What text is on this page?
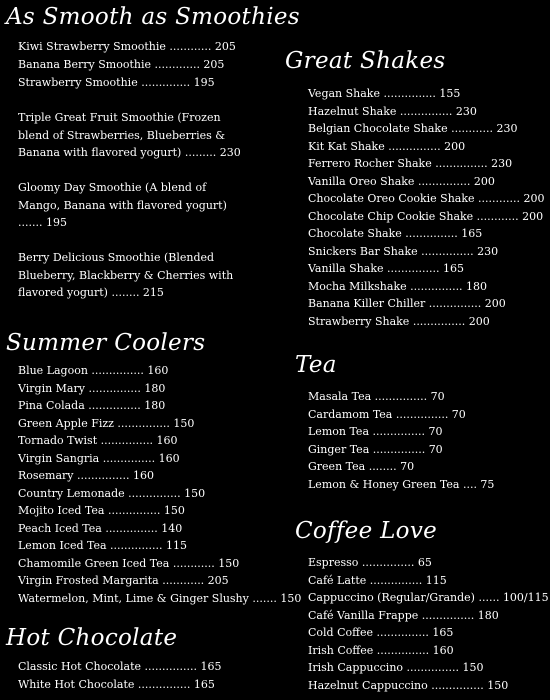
As Smooth as Smoothies
Kiwi Strawberry Smoothie ............ 205
Banana Berry Smoothie ............. 205
Strawberry Smoothie .............. 195
Triple Great Fruit Smoothie (Frozen blend of Strawberries, Blueberries & Banana with flavored yogurt) ......... 230
Gloomy Day Smoothie (A blend of Mango, Banana with flavored yogurt) ....... 195
Berry Delicious Smoothie (Blended Blueberry, Blackberry & Cherries with flavored yogurt) ........ 215
Summer Coolers
Blue Lagoon ............... 160
Virgin Mary ............... 180
Pina Colada ............... 180
Green Apple Fizz ............... 150
Tornado Twist ............... 160
Virgin Sangria ............... 160
Rosemary ............... 160
Country Lemonade ............... 150
Mojito Iced Tea ............... 150
Peach Iced Tea ............... 140
Lemon Iced Tea ............... 115
Chamomile Green Iced Tea ............ 150
Virgin Frosted Margarita ............ 205
Watermelon, Mint, Lime & Ginger Slushy ....... 150
Hot Chocolate
Classic Hot Chocolate ............... 165
White Hot Chocolate ............... 165
Great Shakes
Vegan Shake ............... 155
Hazelnut Shake ............... 230
Belgian Chocolate Shake ............ 230
Kit Kat Shake ............... 200
Ferrero Rocher Shake ............... 230
Vanilla Oreo Shake ............... 200
Chocolate Oreo Cookie Shake ............ 200
Chocolate Chip Cookie Shake ............ 200
Chocolate Shake ............... 165
Snickers Bar Shake ............... 230
Vanilla Shake ............... 165
Mocha Milkshake ............... 180
Banana Killer Chiller ............... 200
Strawberry Shake ............... 200
Tea
Masala Tea ............... 70
Cardamom Tea ............... 70
Lemon Tea ............... 70
Ginger Tea ............... 70
Green Tea ........ 70
Lemon & Honey Green Tea .... 75
Coffee Love
Espresso ............... 65
Café Latte ............... 115
Cappuccino (Regular/Grande) ...... 100/115
Café Vanilla Frappe ............... 180
Cold Coffee ............... 165
Irish Coffee ............... 160
Irish Cappuccino ............... 150
Hazelnut Cappuccino ............... 150
